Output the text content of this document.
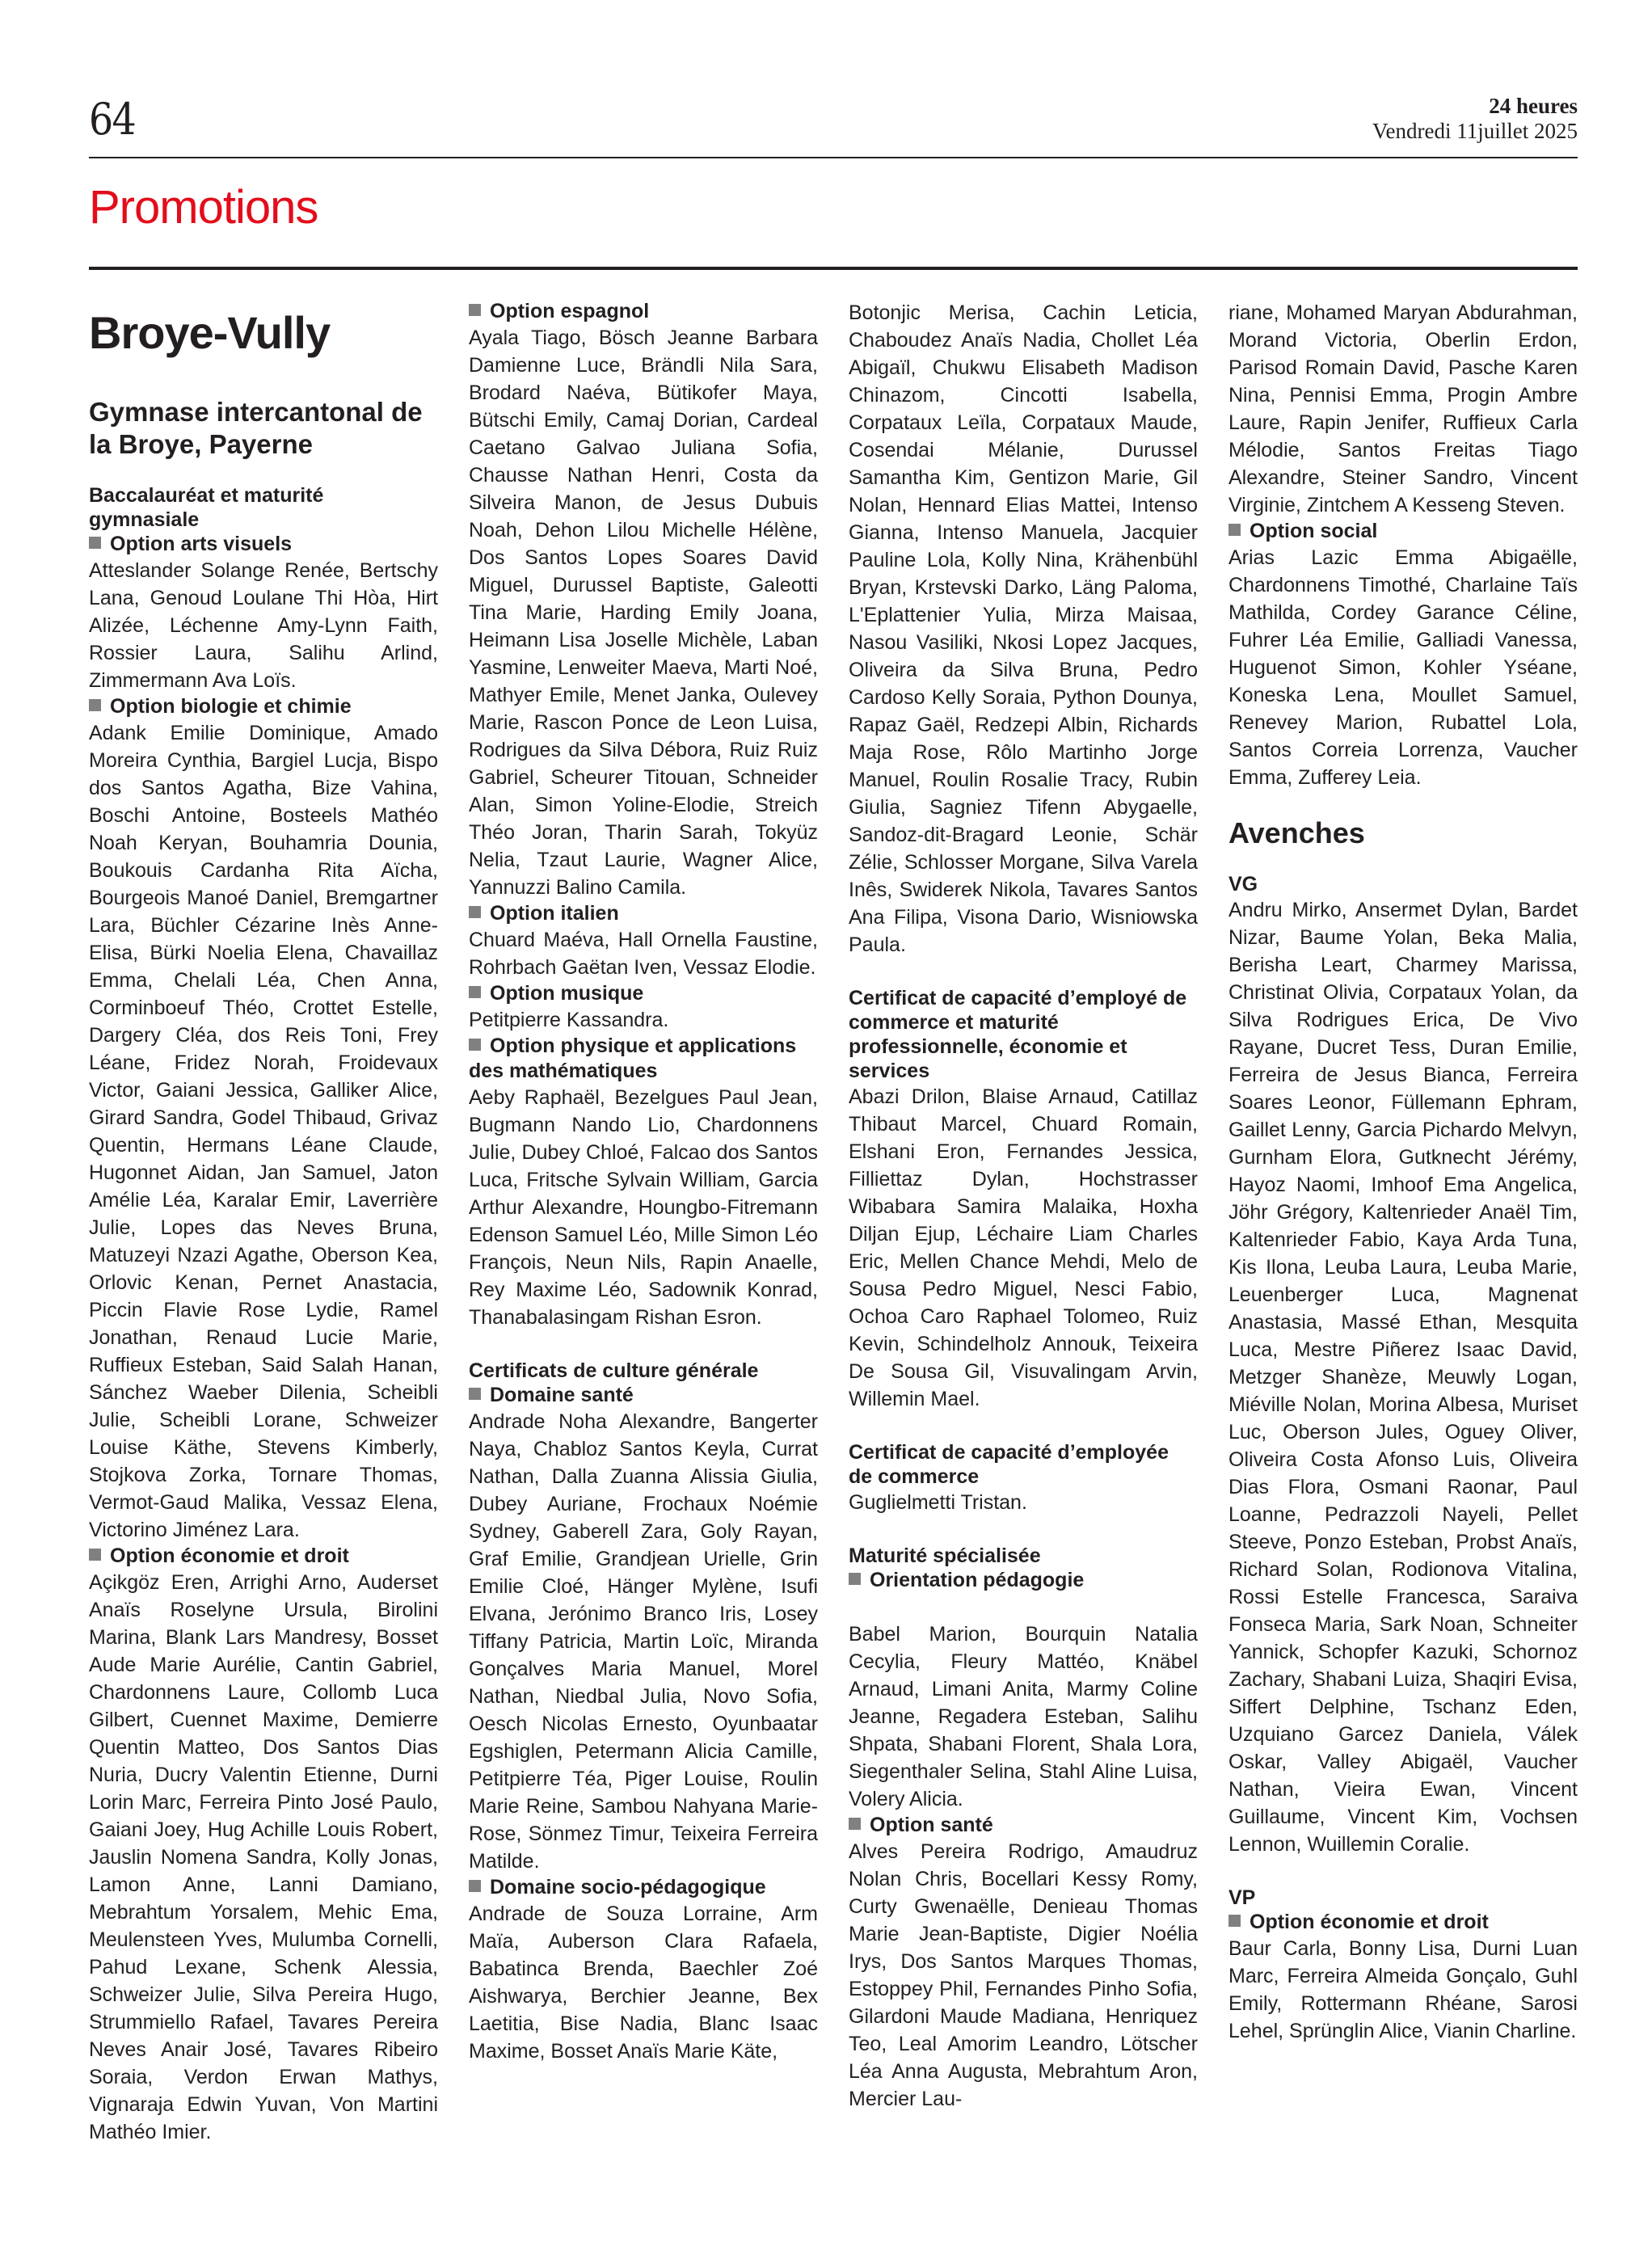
64	24 heures
Vendredi 11juillet 2025
Promotions
Broye-Vully
Gymnase intercantonal de la Broye, Payerne
Baccalauréat et maturité gymnasiale
Option arts visuels

Atteslander Solange Renée, Bertschy Lana, Genoud Loulane Thi Hòa, Hirt Alizée, Léchenne Amy-Lynn Faith, Rossier Laura, Salihu Arlind, Zimmermann Ava Loïs.

Option biologie et chimie

Adank Emilie Dominique, Amado Moreira Cynthia, Bargiel Lucja, Bispo dos Santos Agatha, Bize Vahina, Boschi Antoine, Bosteels Mathéo Noah Keryan, Bouhamria Dounia, Boukouis Cardanha Rita Aïcha, Bourgeois Manoé Daniel, Bremgartner Lara, Büchler Cézarine Inès Anne-Elisa, Bürki Noelia Elena, Chavaillaz Emma, Chelali Léa, Chen Anna, Corminboeuf Théo, Crottet Estelle, Dargery Cléa, dos Reis Toni, Frey Léane, Fridez Norah, Froidevaux Victor, Gaiani Jessica, Galliker Alice, Girard Sandra, Godel Thibaud, Grivaz Quentin, Hermans Léane Claude, Hugonnet Aidan, Jan Samuel, Jaton Amélie Léa, Karalar Emir, Laverrière Julie, Lopes das Neves Bruna, Matuzeyi Nzazi Agathe, Oberson Kea, Orlovic Kenan, Pernet Anastacia, Piccin Flavie Rose Lydie, Ramel Jonathan, Renaud Lucie Marie, Ruffieux Esteban, Said Salah Hanan, Sánchez Waeber Dilenia, Scheibli Julie, Scheibli Lorane, Schweizer Louise Käthe, Stevens Kimberly, Stojkova Zorka, Tornare Thomas, Vermot-Gaud Malika, Vessaz Elena, Victorino Jiménez Lara.

Option économie et droit

Açikgöz Eren, Arrighi Arno, Auderset Anaïs Roselyne Ursula, Birolini Marina, Blank Lars Mandresy, Bosset Aude Marie Aurélie, Cantin Gabriel, Chardonnens Laure, Collomb Luca Gilbert, Cuennet Maxime, Demierre Quentin Matteo, Dos Santos Dias Nuria, Ducry Valentin Etienne, Durni Lorin Marc, Ferreira Pinto José Paulo, Gaiani Joey, Hug Achille Louis Robert, Jauslin Nomena Sandra, Kolly Jonas, Lamon Anne, Lanni Damiano, Mebrahtum Yorsalem, Mehic Ema, Meulensteen Yves, Mulumba Cornelli, Pahud Lexane, Schenk Alessia, Schweizer Julie, Silva Pereira Hugo, Strummiello Rafael, Tavares Pereira Neves Anair José, Tavares Ribeiro Soraia, Verdon Erwan Mathys, Vignaraja Edwin Yuvan, Von Martini Mathéo Imier.

Option espagnol

Ayala Tiago, Bösch Jeanne Barbara Damienne Luce, Brändli Nila Sara, Brodard Naéva, Bütikofer Maya, Bütschi Emily, Camaj Dorian, Cardeal Caetano Galvao Juliana Sofia, Chausse Nathan Henri, Costa da Silveira Manon, de Jesus Dubuis Noah, Dehon Lilou Michelle Hélène, Dos Santos Lopes Soares David Miguel, Durussel Baptiste, Galeotti Tina Marie, Harding Emily Joana, Heimann Lisa Joselle Michèle, Laban Yasmine, Lenweiter Maeva, Marti Noé, Mathyer Emile, Menet Janka, Oulevey Marie, Rascon Ponce de Leon Luisa, Rodrigues da Silva Débora, Ruiz Ruiz Gabriel, Scheurer Titouan, Schneider Alan, Simon Yoline-Elodie, Streich Théo Joran, Tharin Sarah, Tokyüz Nelia, Tzaut Laurie, Wagner Alice, Yannuzzi Balino Camila.

Option italien

Chuard Maéva, Hall Ornella Faustine, Rohrbach Gaëtan Iven, Vessaz Elodie.

Option musique

Petitpierre Kassandra.

Option physique et applications des mathématiques

Aeby Raphaël, Bezelgues Paul Jean, Bugmann Nando Lio, Chardonnens Julie, Dubey Chloé, Falcao dos Santos Luca, Fritsche Sylvain William, Garcia Arthur Alexandre, Houngbo-Fitremann Edenson Samuel Léo, Mille Simon Léo François, Neun Nils, Rapin Anaelle, Rey Maxime Léo, Sadownik Konrad, Thanabalasingam Rishan Esron.

Certificats de culture générale
Domaine santé

Andrade Noha Alexandre, Bangerter Naya, Chabloz Santos Keyla, Currat Nathan, Dalla Zuanna Alissia Giulia, Dubey Auriane, Frochaux Noémie Sydney, Gaberell Zara, Goly Rayan, Graf Emilie, Grandjean Urielle, Grin Emilie Cloé, Hänger Mylène, Isufi Elvana, Jerónimo Branco Iris, Losey Tiffany Patricia, Martin Loïc, Miranda Gonçalves Maria Manuel, Morel Nathan, Niedbal Julia, Novo Sofia, Oesch Nicolas Ernesto, Oyunbaatar Egshiglen, Petermann Alicia Camille, Petitpierre Téa, Piger Louise, Roulin Marie Reine, Sambou Nahyana Marie-Rose, Sönmez Timur, Teixeira Ferreira Matilde.

Domaine socio-pédagogique

Andrade de Souza Lorraine, Arm Maïa, Auberson Clara Rafaela, Babatinca Brenda, Baechler Zoé Aishwarya, Berchier Jeanne, Bex Laetitia, Bise Nadia, Blanc Isaac Maxime, Bosset Anaïs Marie Käte,

Botonjic Merisa, Cachin Leticia, Chaboudez Anaïs Nadia, Chollet Léa Abigaïl, Chukwu Elisabeth Madison Chinazom, Cincotti Isabella, Corpataux Leïla, Corpataux Maude, Cosendai Mélanie, Durussel Samantha Kim, Gentizon Marie, Gil Nolan, Hennard Elias Mattei, Intenso Gianna, Intenso Manuela, Jacquier Pauline Lola, Kolly Nina, Krähenbühl Bryan, Krstevski Darko, Läng Paloma, L'Eplattenier Yulia, Mirza Maisaa, Nasou Vasiliki, Nkosi Lopez Jacques, Oliveira da Silva Bruna, Pedro Cardoso Kelly Soraia, Python Dounya, Rapaz Gaël, Redzepi Albin, Richards Maja Rose, Rôlo Martinho Jorge Manuel, Roulin Rosalie Tracy, Rubin Giulia, Sagniez Tifenn Abygaelle, Sandoz-dit-Bragard Leonie, Schär Zélie, Schlosser Morgane, Silva Varela Inês, Swiderek Nikola, Tavares Santos Ana Filipa, Visona Dario, Wisniowska Paula.

Certificat de capacité d’employé de commerce et maturité professionnelle, économie et services

Abazi Drilon, Blaise Arnaud, Catillaz Thibaut Marcel, Chuard Romain, Elshani Eron, Fernandes Jessica, Filliettaz Dylan, Hochstrasser Wibabara Samira Malaika, Hoxha Diljan Ejup, Léchaire Liam Charles Eric, Mellen Chance Mehdi, Melo de Sousa Pedro Miguel, Nesci Fabio, Ochoa Caro Raphael Tolomeo, Ruiz Kevin, Schindelholz Annouk, Teixeira De Sousa Gil, Visuvalingam Arvin, Willemin Mael.

Certificat de capacité d’employée de commerce

Guglielmetti Tristan.

Maturité spécialisée
Orientation pédagogie

Babel Marion, Bourquin Natalia Cecylia, Fleury Mattéo, Knäbel Arnaud, Limani Anita, Marmy Coline Jeanne, Regadera Esteban, Salihu Shpata, Shabani Florent, Shala Lora, Siegenthaler Selina, Stahl Aline Luisa, Volery Alicia.

Option santé

Alves Pereira Rodrigo, Amaudruz Nolan Chris, Bocellari Kessy Romy, Curty Gwenaëlle, Denieau Thomas Marie Jean-Baptiste, Digier Noélia Irys, Dos Santos Marques Thomas, Estoppey Phil, Fernandes Pinho Sofia, Gilardoni Maude Madiana, Henriquez Teo, Leal Amorim Leandro, Lötscher Léa Anna Augusta, Mebrahtum Aron, Mercier Lau-

riane, Mohamed Maryan Abdurahman, Morand Victoria, Oberlin Erdon, Parisod Romain David, Pasche Karen Nina, Pennisi Emma, Progin Ambre Laure, Rapin Jenifer, Ruffieux Carla Mélodie, Santos Freitas Tiago Alexandre, Steiner Sandro, Vincent Virginie, Zintchem A Kesseng Steven.

Option social

Arias Lazic Emma Abigaëlle, Chardonnens Timothé, Charlaine Taïs Mathilda, Cordey Garance Céline, Fuhrer Léa Emilie, Galliadi Vanessa, Huguenot Simon, Kohler Yséane, Koneska Lena, Moullet Samuel, Renevey Marion, Rubattel Lola, Santos Correia Lorrenza, Vaucher Emma, Zufferey Leia.

Avenches
VG

Andru Mirko, Ansermet Dylan, Bardet Nizar, Baume Yolan, Beka Malia, Berisha Leart, Charmey Marissa, Christinat Olivia, Corpataux Yolan, da Silva Rodrigues Erica, De Vivo Rayane, Ducret Tess, Duran Emilie, Ferreira de Jesus Bianca, Ferreira Soares Leonor, Füllemann Ephram, Gaillet Lenny, Garcia Pichardo Melvyn, Gurnham Elora, Gutknecht Jérémy, Hayoz Naomi, Imhoof Ema Angelica, Jöhr Grégory, Kaltenrieder Anaël Tim, Kaltenrieder Fabio, Kaya Arda Tuna, Kis Ilona, Leuba Laura, Leuba Marie, Leuenberger Luca, Magnenat Anastasia, Massé Ethan, Mesquita Luca, Mestre Piñerez Isaac David, Metzger Shanèze, Meuwly Logan, Miéville Nolan, Morina Albesa, Muriset Luc, Oberson Jules, Oguey Oliver, Oliveira Costa Afonso Luis, Oliveira Dias Flora, Osmani Raonar, Paul Loanne, Pedrazzoli Nayeli, Pellet Steeve, Ponzo Esteban, Probst Anaïs, Richard Solan, Rodionova Vitalina, Rossi Estelle Francesca, Saraiva Fonseca Maria, Sark Noan, Schneiter Yannick, Schopfer Kazuki, Schornoz Zachary, Shabani Luiza, Shaqiri Evisa, Siffert Delphine, Tschanz Eden, Uzquiano Garcez Daniela, Válek Oskar, Valley Abigaël, Vaucher Nathan, Vieira Ewan, Vincent Guillaume, Vincent Kim, Vochsen Lennon, Wuillemin Coralie.

VP
Option économie et droit

Baur Carla, Bonny Lisa, Durni Luan Marc, Ferreira Almeida Gonçalo, Guhl Emily, Rottermann Rhéane, Sarosi Lehel, Sprünglin Alice, Vianin Charline.
